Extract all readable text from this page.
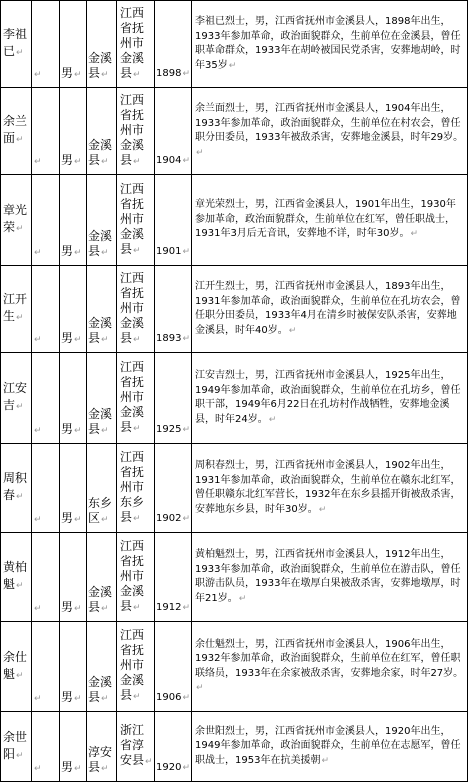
李祖已↵	↵	男↵	金溪县↵	江西省抚州市金溪县↵	1898↵	李祖已烈士，男，江西省抚州市金溪县人，1898年出生，1933年参加革命，政治面貌群众，生前单位在金溪县，曾任职革命群众，1933年在胡岭被国民党杀害，安葬地胡岭，时年35岁↵
余兰面↵	↵	男↵	金溪县↵	江西省抚州市金溪县↵	1904↵	余兰面烈士，男，江西省抚州市金溪县人，1904年出生，1933年参加革命，政治面貌群众，生前单位在村农会，曾任职分田委员，1933年被敌杀害，安葬地金溪县，时年29岁。↵
章光荣↵	↵	男↵	金溪县↵	江西省抚州市金溪县↵	1901↵	章光荣烈士，男，江西省金溪县人，1901年出生，1930年参加革命，政治面貌群众，生前单位在红军，曾任职战士，1931年3月后无音讯，安葬地不详，时年30岁。↵
江开生↵	↵	男↵	金溪县↵	江西省抚州市金溪县↵	1893↵	江开生烈士，男，江西省抚州市金溪县人，1893年出生，1931年参加革命，政治面貌群众，生前单位在孔坊农会，曾任职分田委员，1933年4月在清乡时被保安队杀害，安葬地金溪县，时年40岁。↵
江安吉↵	↵	男↵	金溪县↵	江西省抚州市金溪县↵	1925↵	江安吉烈士，男，江西省抚州市金溪县人，1925年出生，1949年参加革命，政治面貌群众，生前单位在孔坊乡，曾任职干部，1949年6月22日在孔坊村作战牺牲，安葬地金溪县，时年24岁。↵
周积春↵	↵	男↵	东乡区↵	江西省抚州市东乡县↵	1902↵	周积春烈士，男，江西省抚州市金溪县人，1902年出生，1931年参加革命，政治面貌群众，生前单位在赣东北红军，曾任职赣东北红军营长，1932年在东乡县摇开街被敌杀害，安葬地东乡县，时年30岁。↵
黄柏魁↵	↵	男↵	金溪县↵	江西省抚州市金溪县↵	1912↵	黄柏魁烈士，男，江西省抚州市金溪县人，1912年出生，1933年参加革命，政治面貌群众，生前单位在游击队，曾任职游击队员，1933年在墩厚白果被敌杀害，安葬地墩厚，时年21岁。↵
余仕魁↵	↵	男↵	金溪县↵	江西省抚州市金溪县↵	1906↵	余仕魁烈士，男，江西省抚州市金溪县人，1906年出生，1932年参加革命，政治面貌群众，生前单位在红军，曾任职联络员，1933年在余家被敌杀害，安葬地余家，时年27岁。↵
余世阳↵	↵	男↵	淳安县↵	浙江省淳安县↵	1920↵	余世阳烈士，男，江西省抚州市金溪县人，1920年出生，1949年参加革命，政治面貌群众，生前单位在志愿军，曾任职战士，1953年在抗美援朝↵
